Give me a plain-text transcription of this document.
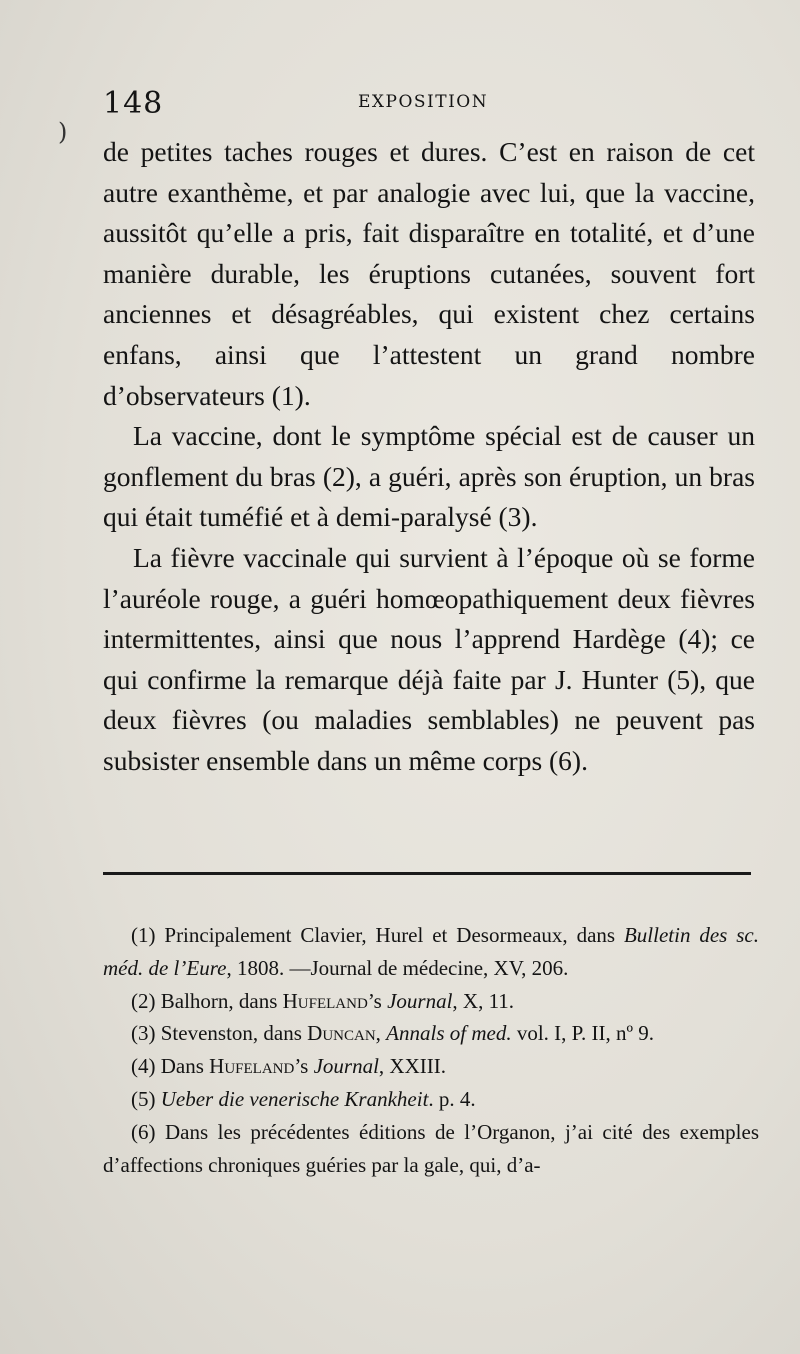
)
148	EXPOSITION

de petites taches rouges et dures. C’est en raison de cet autre exanthème, et par analogie avec lui, que la vaccine, aussitôt qu’elle a pris, fait disparaître en totalité, et d’une manière durable, les éruptions cutanées, souvent fort anciennes et désagréables, qui existent chez certains enfans, ainsi que l’attestent un grand nombre d’observateurs (1).

La vaccine, dont le symptôme spécial est de causer un gonflement du bras (2), a guéri, après son éruption, un bras qui était tuméfié et à demi-paralysé (3).

La fièvre vaccinale qui survient à l’époque où se forme l’auréole rouge, a guéri homœopathiquement deux fièvres intermittentes, ainsi que nous l’apprend Hardège (4); ce qui confirme la remarque déjà faite par J. Hunter (5), que deux fièvres (ou maladies semblables) ne peuvent pas subsister ensemble dans un même corps (6).

(1) Principalement Clavier, Hurel et Desormeaux, dans Bulletin des sc. méd. de l’Eure, 1808. —Journal de médecine, XV, 206.

(2) Balhorn, dans Hufeland’s Journal, X, 11.

(3) Stevenston, dans Duncan, Annals of med. vol. I, P. II, nº 9.

(4) Dans Hufeland’s Journal, XXIII.

(5) Ueber die venerische Krankheit. p. 4.

(6) Dans les précédentes éditions de l’Organon, j’ai cité des exemples d’affections chroniques guéries par la gale, qui, d’a-
